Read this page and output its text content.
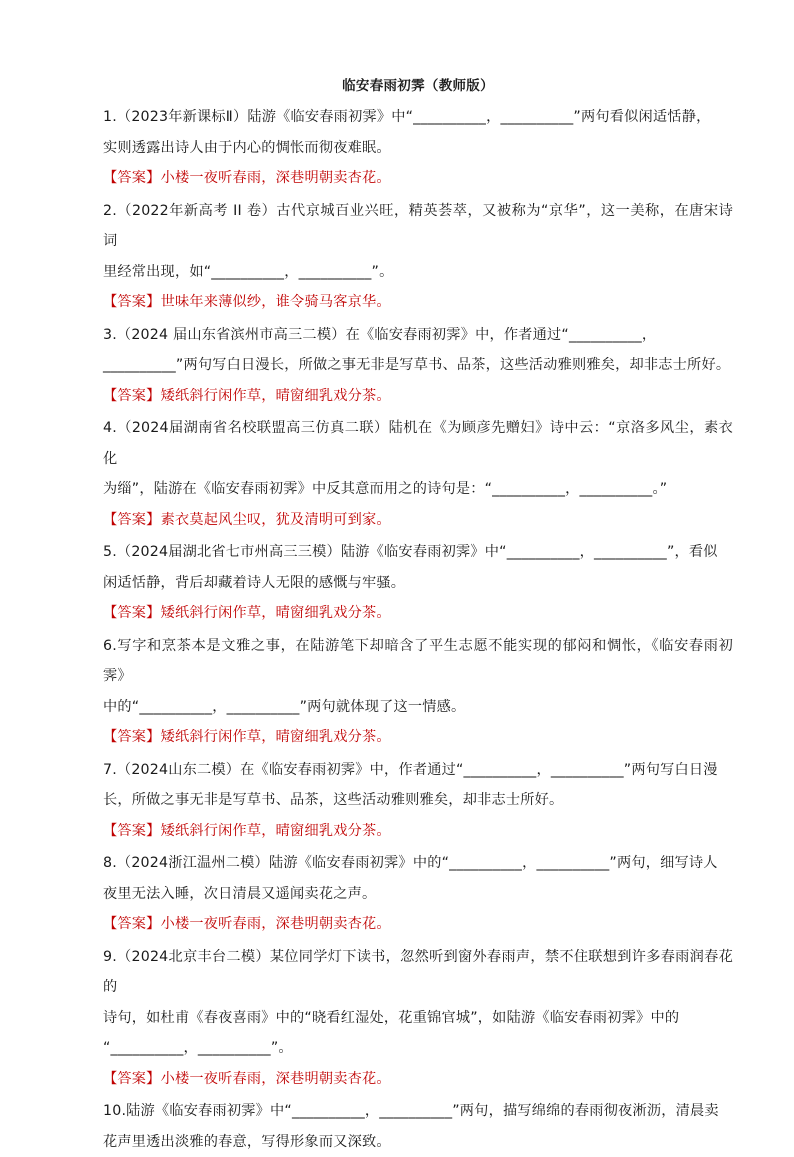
临安春雨初霁（教师版）
1.（2023年新课标Ⅱ）陆游《临安春雨初霁》中“__________，__________”两句看似闲适恬静，
实则透露出诗人由于内心的惆怅而彻夜难眠。
【答案】小楼一夜听春雨，深巷明朝卖杏花。
2.（2022年新高考 II 卷）古代京城百业兴旺，精英荟萃，又被称为“京华”，这一美称，在唐宋诗词
里经常出现，如“__________，__________”。
【答案】世味年来薄似纱，谁令骑马客京华。
3.（2024 届山东省滨州市高三二模）在《临安春雨初霁》中，作者通过“__________，
__________”两句写白日漫长，所做之事无非是写草书、品茶，这些活动雅则雅矣，却非志士所好。
【答案】矮纸斜行闲作草，晴窗细乳戏分茶。
4.（2024届湖南省名校联盟高三仿真二联）陆机在《为顾彦先赠妇》诗中云：“京洛多风尘，素衣化
为缁”，陆游在《临安春雨初霁》中反其意而用之的诗句是：“__________，__________。”
【答案】素衣莫起风尘叹，犹及清明可到家。
5.（2024届湖北省七市州高三三模）陆游《临安春雨初霁》中“__________，__________”，看似
闲适恬静，背后却藏着诗人无限的感慨与牢骚。
【答案】矮纸斜行闲作草，晴窗细乳戏分茶。
6.写字和烹茶本是文雅之事，在陆游笔下却暗含了平生志愿不能实现的郁闷和惆怅，《临安春雨初霁》
中的“__________，__________”两句就体现了这一情感。
【答案】矮纸斜行闲作草，晴窗细乳戏分茶。
7.（2024山东二模）在《临安春雨初霁》中，作者通过“__________，__________”两句写白日漫
长，所做之事无非是写草书、品茶，这些活动雅则雅矣，却非志士所好。
【答案】矮纸斜行闲作草，晴窗细乳戏分茶。
8.（2024浙江温州二模）陆游《临安春雨初霁》中的“__________，__________”两句，细写诗人
夜里无法入睡，次日清晨又遥闻卖花之声。
【答案】小楼一夜听春雨，深巷明朝卖杏花。
9.（2024北京丰台二模）某位同学灯下读书，忽然听到窗外春雨声，禁不住联想到许多春雨润春花的
诗句，如杜甫《春夜喜雨》中的“晓看红湿处，花重锦官城”，如陆游《临安春雨初霁》中的
“__________，__________”。
【答案】小楼一夜听春雨，深巷明朝卖杏花。
10.陆游《临安春雨初霁》中“__________，__________”两句，描写绵绵的春雨彻夜淅沥，清晨卖
花声里透出淡雅的春意，写得形象而又深致。
